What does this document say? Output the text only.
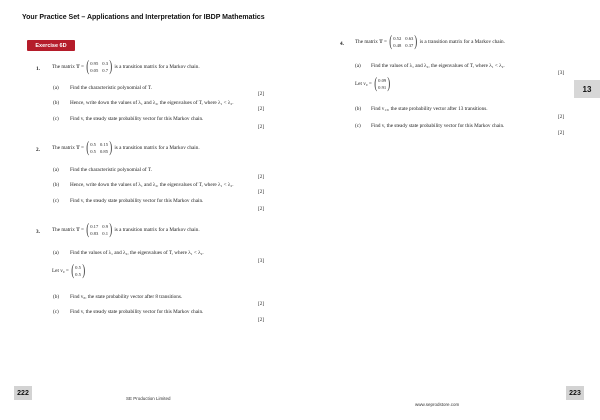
Your Practice Set – Applications and Interpretation for IBDP Mathematics
Exercise 6D
1. The matrix
T = ( 0.95 0.3
0.05 0.7 ) is a transition matrix for a Markov chain.
(a) Find the characteristic polynomial of T.
[2]
(b) Hence, write down the values of λ₁ and λ₂, the eigenvalues of T, where λ₁ < λ₂.
[2]
(c) Find v, the steady state probability vector for this Markov chain.
[2]
2. The matrix
T = ( 0.5 0.15
0.5 0.85 ) is a transition matrix for a Markov chain.
(a) Find the characteristic polynomial of T.
[2]
(b) Hence, write down the values of λ₁ and λ₂, the eigenvalues of T, where λ₁ < λ₂.
[2]
(c) Find v, the steady state probability vector for this Markov chain.
[2]
3. The matrix
T = ( 0.17 0.9
0.83 0.1 ) is a transition matrix for a Markov chain.
(a) Find the values of λ₁ and λ₂, the eigenvalues of T, where λ₁ < λ₂.
[3]
Let v₀ = ( 0.5
0.5 )
(b) Find v₈, the state probability vector after 8 transitions.
[2]
(c) Find v, the steady state probability vector for this Markov chain.
[2]
4. The matrix
T = ( 0.52 0.63
0.48 0.37 ) is a transition matrix for a Markov chain.
(a) Find the values of λ₁ and λ₂, the eigenvalues of T, where λ₁ < λ₂.
[3]
Let v₀ = ( 0.09
0.91 )
(b) Find v₁₃, the state probability vector after 13 transitions.
[2]
(c) Find v, the steady state probability vector for this Markov chain.
[2]
13
222	223
SE Production Limited
www.seprodstore.com
